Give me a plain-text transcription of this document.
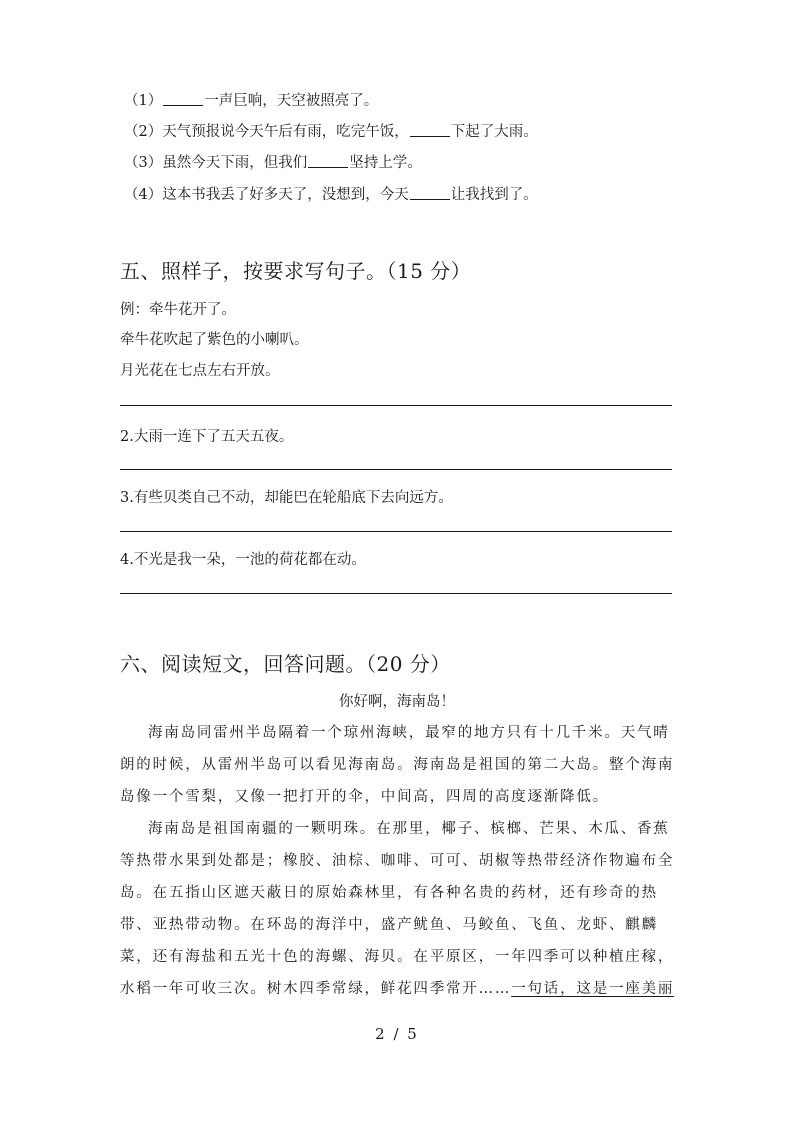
（1）	一声巨响，天空被照亮了。
（2）天气预报说今天午后有雨，吃完午饭，	下起了大雨。
（3）虽然今天下雨，但我们	坚持上学。
（4）这本书我丢了好多天了，没想到，今天	让我找到了。
五、照样子，按要求写句子。（15 分）
例：牵牛花开了。
牵牛花吹起了紫色的小喇叭。
月光花在七点左右开放。
2.大雨一连下了五天五夜。
3.有些贝类自己不动，却能巴在轮船底下去向远方。
4.不光是我一朵，一池的荷花都在动。
六、阅读短文，回答问题。（20 分）
你好啊，海南岛！
海南岛同雷州半岛隔着一个琼州海峡，最窄的地方只有十几千米。天气晴
朗的时候，从雷州半岛可以看见海南岛。海南岛是祖国的第二大岛。整个海南
岛像一个雪梨，又像一把打开的伞，中间高，四周的高度逐渐降低。
海南岛是祖国南疆的一颗明珠。在那里，椰子、槟榔、芒果、木瓜、香蕉
等热带水果到处都是；橡胶、油棕、咖啡、可可、胡椒等热带经济作物遍布全
岛。在五指山区遮天蔽日的原始森林里，有各种名贵的药材，还有珍奇的热
带、亚热带动物。在环岛的海洋中，盛产鱿鱼、马鲛鱼、飞鱼、龙虾、麒麟
菜，还有海盐和五光十色的海螺、海贝。在平原区，一年四季可以种植庄稼，
水稻一年可收三次。树木四季常绿，鲜花四季常开……一句话，这是一座美丽
2 / 5
